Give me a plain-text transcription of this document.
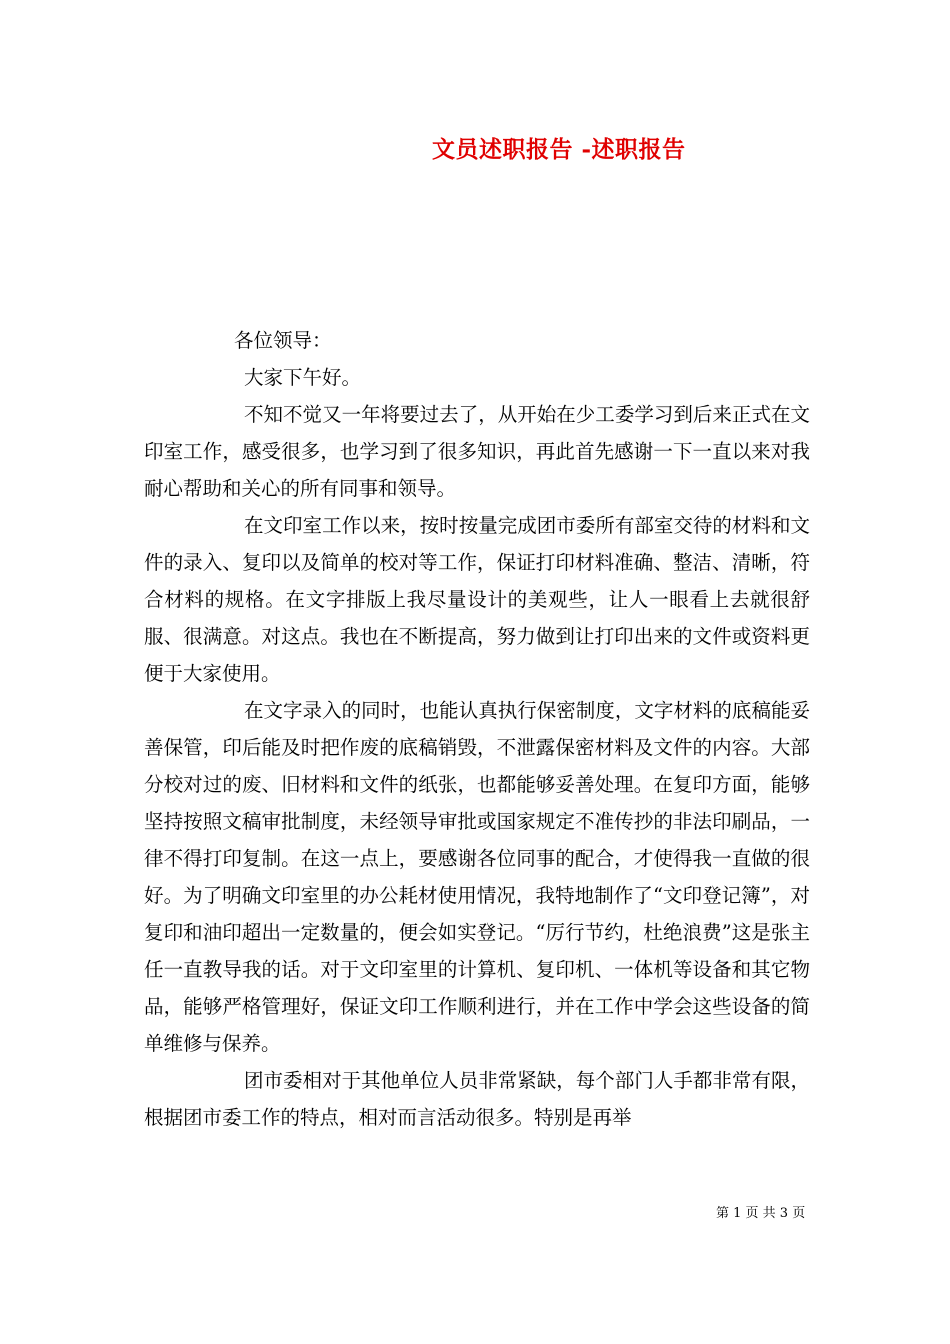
文员述职报告 -述职报告

各位领导：

大家下午好。

不知不觉又一年将要过去了，从开始在少工委学习到后来正式在文印室工作，感受很多，也学习到了很多知识，再此首先感谢一下一直以来对我耐心帮助和关心的所有同事和领导。

在文印室工作以来，按时按量完成团市委所有部室交待的材料和文件的录入、复印以及简单的校对等工作，保证打印材料准确、整洁、清晰，符合材料的规格。在文字排版上我尽量设计的美观些，让人一眼看上去就很舒服、很满意。对这点。我也在不断提高，努力做到让打印出来的文件或资料更便于大家使用。

在文字录入的同时，也能认真执行保密制度，文字材料的底稿能妥善保管，印后能及时把作废的底稿销毁，不泄露保密材料及文件的内容。大部分校对过的废、旧材料和文件的纸张，也都能够妥善处理。在复印方面，能够坚持按照文稿审批制度，未经领导审批或国家规定不准传抄的非法印刷品，一律不得打印复制。在这一点上，要感谢各位同事的配合，才使得我一直做的很好。为了明确文印室里的办公耗材使用情况，我特地制作了“文印登记簿”，对复印和油印超出一定数量的，便会如实登记。“厉行节约，杜绝浪费”这是张主任一直教导我的话。对于文印室里的计算机、复印机、一体机等设备和其它物品，能够严格管理好，保证文印工作顺利进行，并在工作中学会这些设备的简单维修与保养。

团市委相对于其他单位人员非常紧缺，每个部门人手都非常有限，根据团市委工作的特点，相对而言活动很多。特别是再举

第 1 页 共 3 页
